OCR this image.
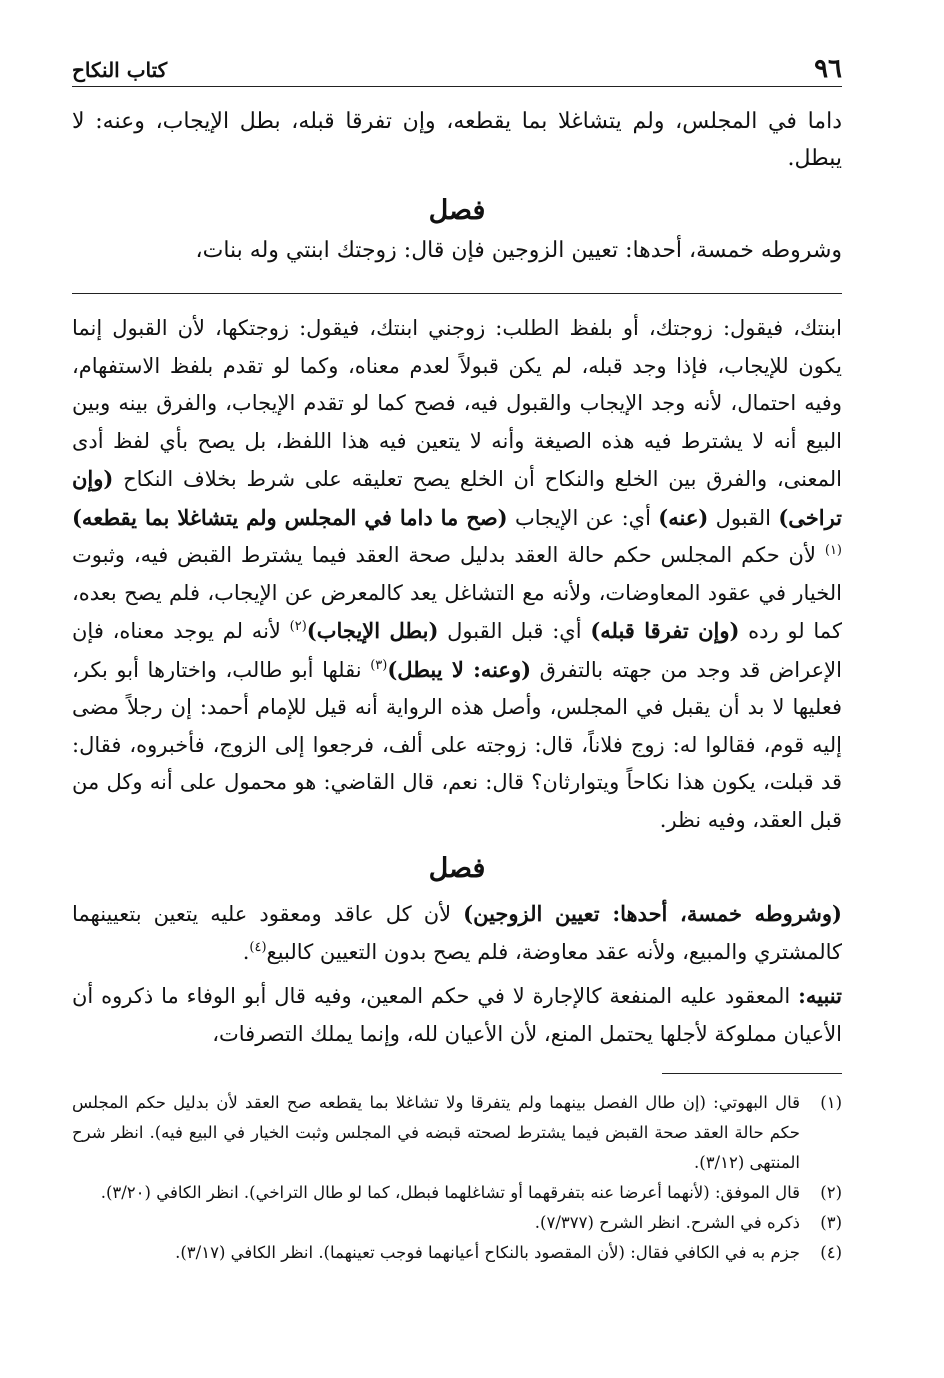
٩٦
كتاب النكاح

داما في المجلس، ولم يتشاغلا بما يقطعه، وإن تفرقا قبله، بطل الإيجاب، وعنه: لا يبطل.

فصل

وشروطه خمسة، أحدها: تعيين الزوجين فإن قال: زوجتك ابنتي وله بنات،

ابنتك، فيقول: زوجتك، أو بلفظ الطلب: زوجني ابنتك، فيقول: زوجتكها، لأن القبول إنما يكون للإيجاب، فإذا وجد قبله، لم يكن قبولاً لعدم معناه، وكما لو تقدم بلفظ الاستفهام، وفيه احتمال، لأنه وجد الإيجاب والقبول فيه، فصح كما لو تقدم الإيجاب، والفرق بينه وبين البيع أنه لا يشترط فيه هذه الصيغة وأنه لا يتعين فيه هذا اللفظ، بل يصح بأي لفظ أدى المعنى، والفرق بين الخلع والنكاح أن الخلع يصح تعليقه على شرط بخلاف النكاح (وإن تراخى) القبول (عنه) أي: عن الإيجاب (صح ما داما في المجلس ولم يتشاغلا بما يقطعه)$^{(١)}$ لأن حكم المجلس حكم حالة العقد بدليل صحة العقد فيما يشترط القبض فيه، وثبوت الخيار في عقود المعاوضات، ولأنه مع التشاغل يعد كالمعرض عن الإيجاب، فلم يصح بعده، كما لو رده (وإن تفرقا قبله) أي: قبل القبول (بطل الإيجاب)$^{(٢)}$ لأنه لم يوجد معناه، فإن الإعراض قد وجد من جهته بالتفرق (وعنه: لا يبطل)$^{(٣)}$ نقلها أبو طالب، واختارها أبو بكر، فعليها لا بد أن يقبل في المجلس، وأصل هذه الرواية أنه قيل للإمام أحمد: إن رجلاً مضى إليه قوم، فقالوا له: زوج فلاناً، قال: زوجته على ألف، فرجعوا إلى الزوج، فأخبروه، فقال: قد قبلت، يكون هذا نكاحاً ويتوارثان؟ قال: نعم، قال القاضي: هو محمول على أنه وكل من قبل العقد، وفيه نظر.

فصل

(وشروطه خمسة، أحدها: تعيين الزوجين) لأن كل عاقد ومعقود عليه يتعين بتعيينهما كالمشتري والمبيع، ولأنه عقد معاوضة، فلم يصح بدون التعيين كالبيع$^{(٤)}$.

تنبيه: المعقود عليه المنفعة كالإجارة لا في حكم المعين، وفيه قال أبو الوفاء ما ذكروه أن الأعيان مملوكة لأجلها يحتمل المنع، لأن الأعيان لله، وإنما يملك التصرفات،

(١)
قال البهوتي: (إن طال الفصل بينهما ولم يتفرقا ولا تشاغلا بما يقطعه صح العقد لأن بدليل حكم المجلس حكم حالة العقد صحة القبض فيما يشترط لصحته قبضه في المجلس وثبت الخيار في البيع فيه). انظر شرح المنتهى (٣/١٢).
(٢)
قال الموفق: (لأنهما أعرضا عنه بتفرقهما أو تشاغلهما فبطل، كما لو طال التراخي). انظر الكافي (٣/٢٠).
(٣)
ذكره في الشرح. انظر الشرح (٧/٣٧٧).
(٤)
جزم به في الكافي فقال: (لأن المقصود بالنكاح أعيانهما فوجب تعينهما). انظر الكافي (٣/١٧).
